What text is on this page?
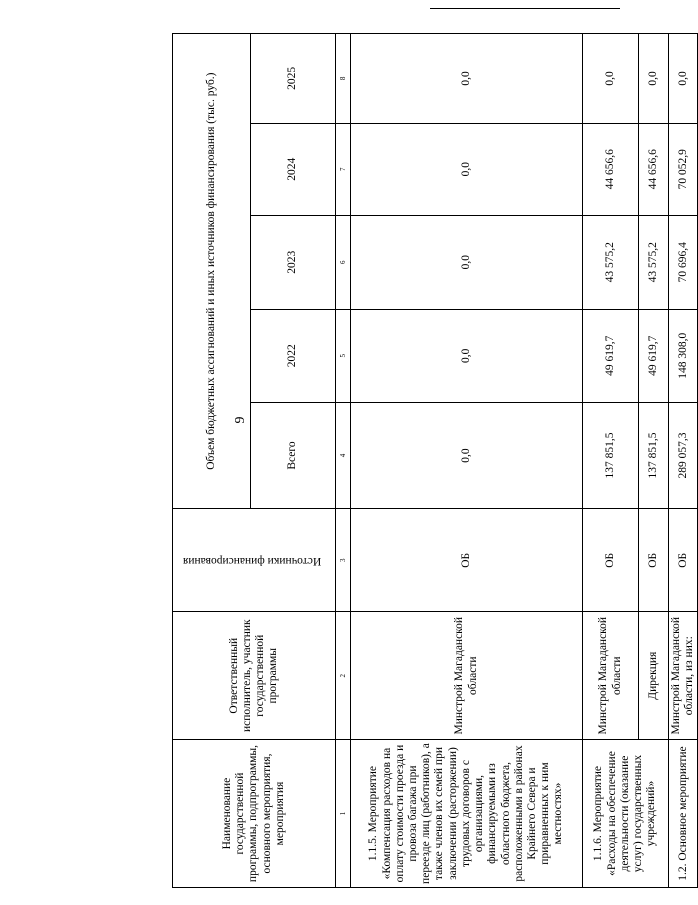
9
Наименование государственной программы, подпрограммы, основного мероприятия, мероприятия	Ответственный исполнитель, участник государственной программы	Источники финансирования	Объем бюджетных ассигнований и иных источников финансирования (тыс. руб.)				
			Всего	2022	2023	2024	2025
1	2	3	4	5	6	7	8
1.1.5. Мероприятие «Компенсация расходов на оплату стоимости проезда и провоза багажа при переезде лиц (работников), а также членов их семей при заключении (расторжении) трудовых договоров с организациями, финансируемыми из областного бюджета, расположенными в районах Крайнего Севера и приравненных к ним местностях»	Минстрой Магаданской области	ОБ	0,0	0,0	0,0	0,0	0,0
1.1.6. Мероприятие «Расходы на обеспечение деятельности (оказание услуг) государственных учреждений»	Минстрой Магаданской области	ОБ	137 851,5	49 619,7	43 575,2	44 656,6	0,0
	Дирекция	ОБ	137 851,5	49 619,7	43 575,2	44 656,6	0,0
1.2. Основное мероприятие	Минстрой Магаданской области, из них:	ОБ	289 057,3	148 308,0	70 696,4	70 052,9	0,0
